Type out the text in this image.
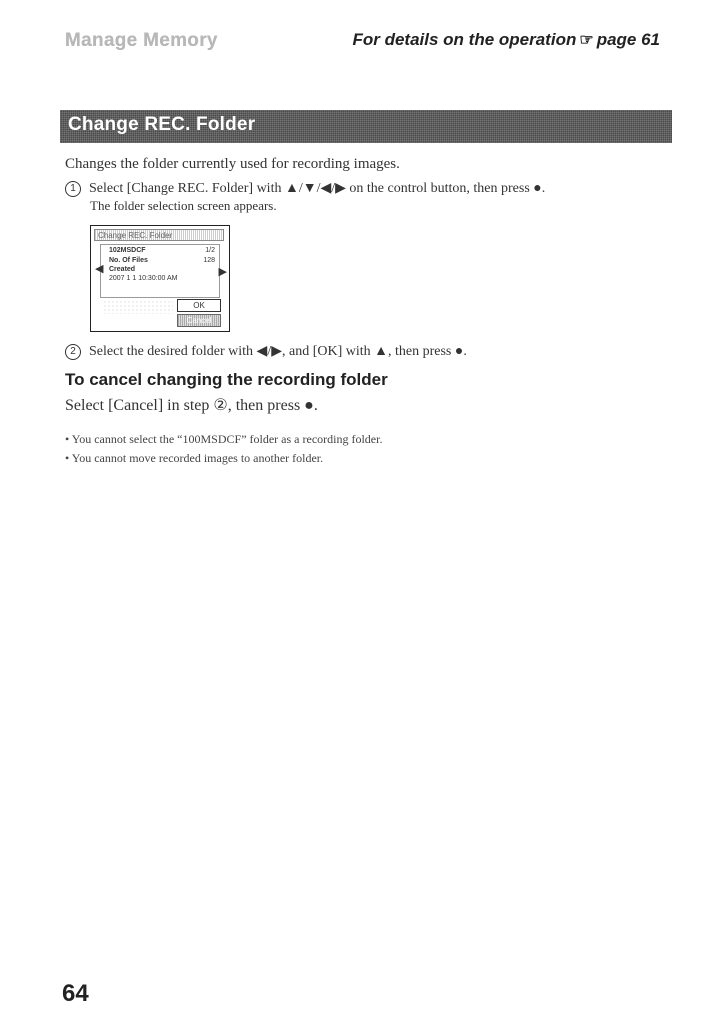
Manage Memory	For details on the operation ☞ page 61
Change REC. Folder
Changes the folder currently used for recording images.
1 Select [Change REC. Folder] with ▲/▼/◀/▶ on the control button, then press ●.
The folder selection screen appears.
Change REC. Folder
◀
102MSDCF	1/2
No. Of Files	128
Created
2007 1 1 10:30:00 AM
▶
OK
Cancel
2 Select the desired folder with ◀/▶, and [OK] with ▲, then press ●.
To cancel changing the recording folder
Select [Cancel] in step ②, then press ●.
• You cannot select the “100MSDCF” folder as a recording folder.
• You cannot move recorded images to another folder.
64
